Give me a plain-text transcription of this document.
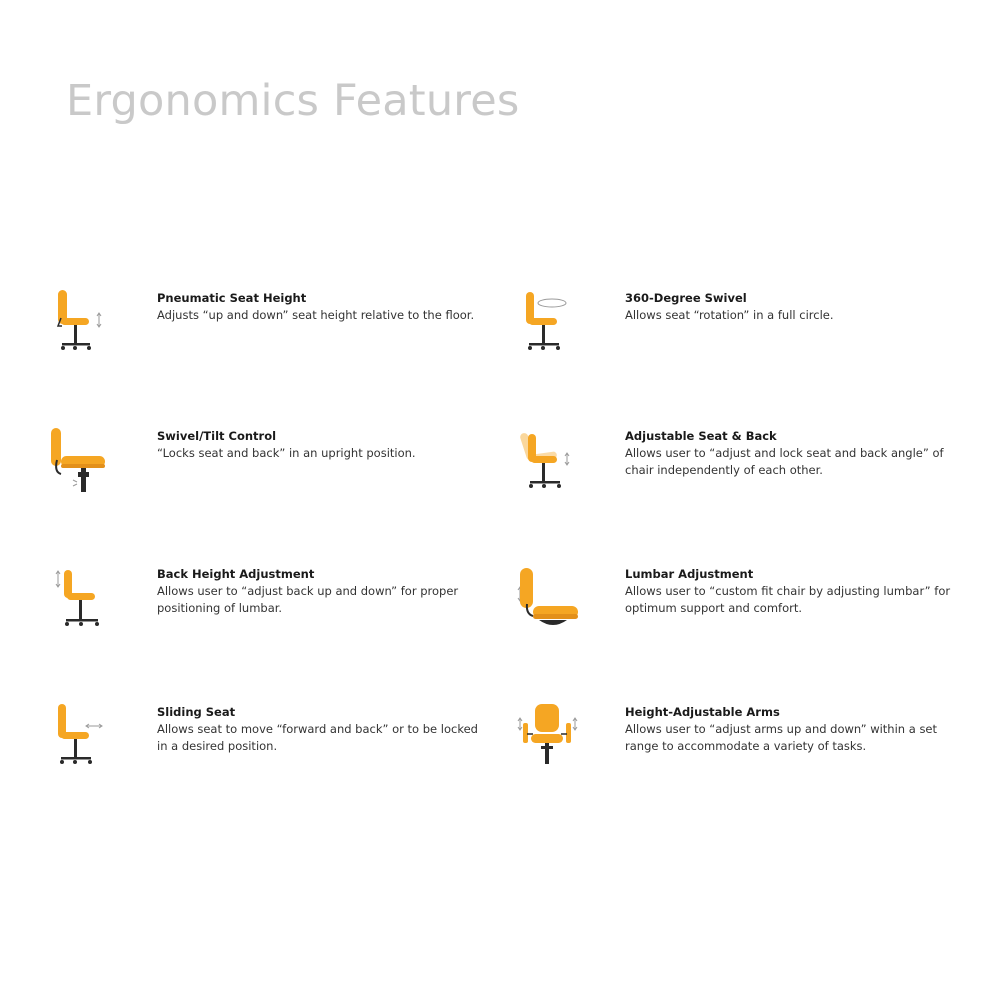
Ergonomics Features
Pneumatic Seat Height
Adjusts “up and down” seat height relative to the floor.
360-Degree Swivel
Allows seat “rotation” in a full circle.
Swivel/Tilt Control
“Locks seat and back” in an upright position.
Adjustable Seat & Back
Allows user to “adjust and lock seat and back angle” of chair independently of each other.
Back Height Adjustment
Allows user to “adjust back up and down” for proper positioning of lumbar.
Lumbar Adjustment
Allows user to “custom fit chair by adjusting lumbar” for optimum support and comfort.
Sliding Seat
Allows seat to move “forward and back” or to be locked in a desired position.
Height-Adjustable Arms
Allows user to “adjust arms up and down” within a set range to accommodate a variety of tasks.
